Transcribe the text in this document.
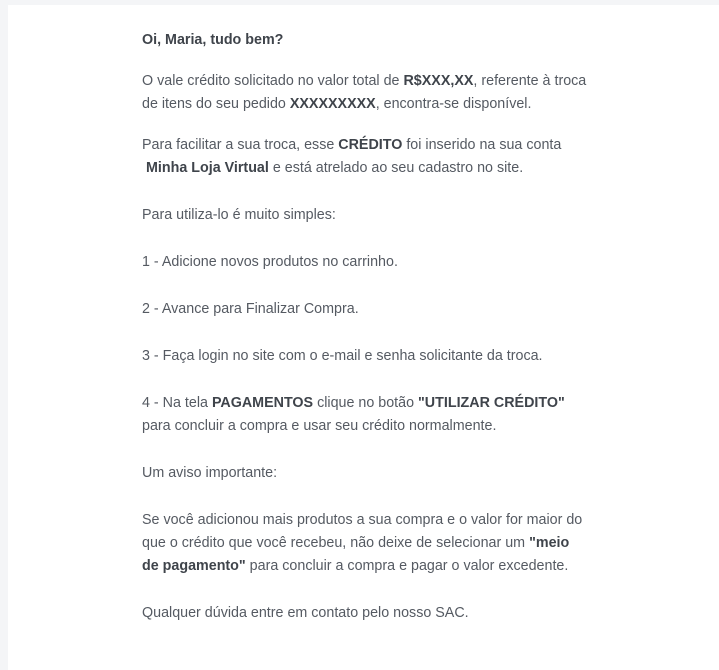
Oi, Maria, tudo bem?

O vale crédito solicitado no valor total de R$XXX,XX, referente à troca

de itens do seu pedido XXXXXXXXX, encontra-se disponível.

Para facilitar a sua troca, esse CRÉDITO foi inserido na sua conta

Minha Loja Virtual e está atrelado ao seu cadastro no site.

Para utiliza-lo é muito simples:

1 - Adicione novos produtos no carrinho.

2 - Avance para Finalizar Compra.

3 - Faça login no site com o e-mail e senha solicitante da troca.

4 - Na tela PAGAMENTOS clique no botão "UTILIZAR CRÉDITO"

para concluir a compra e usar seu crédito normalmente.

Um aviso importante:

Se você adicionou mais produtos a sua compra e o valor for maior do

que o crédito que você recebeu, não deixe de selecionar um "meio

de pagamento" para concluir a compra e pagar o valor excedente.

Qualquer dúvida entre em contato pelo nosso SAC.
